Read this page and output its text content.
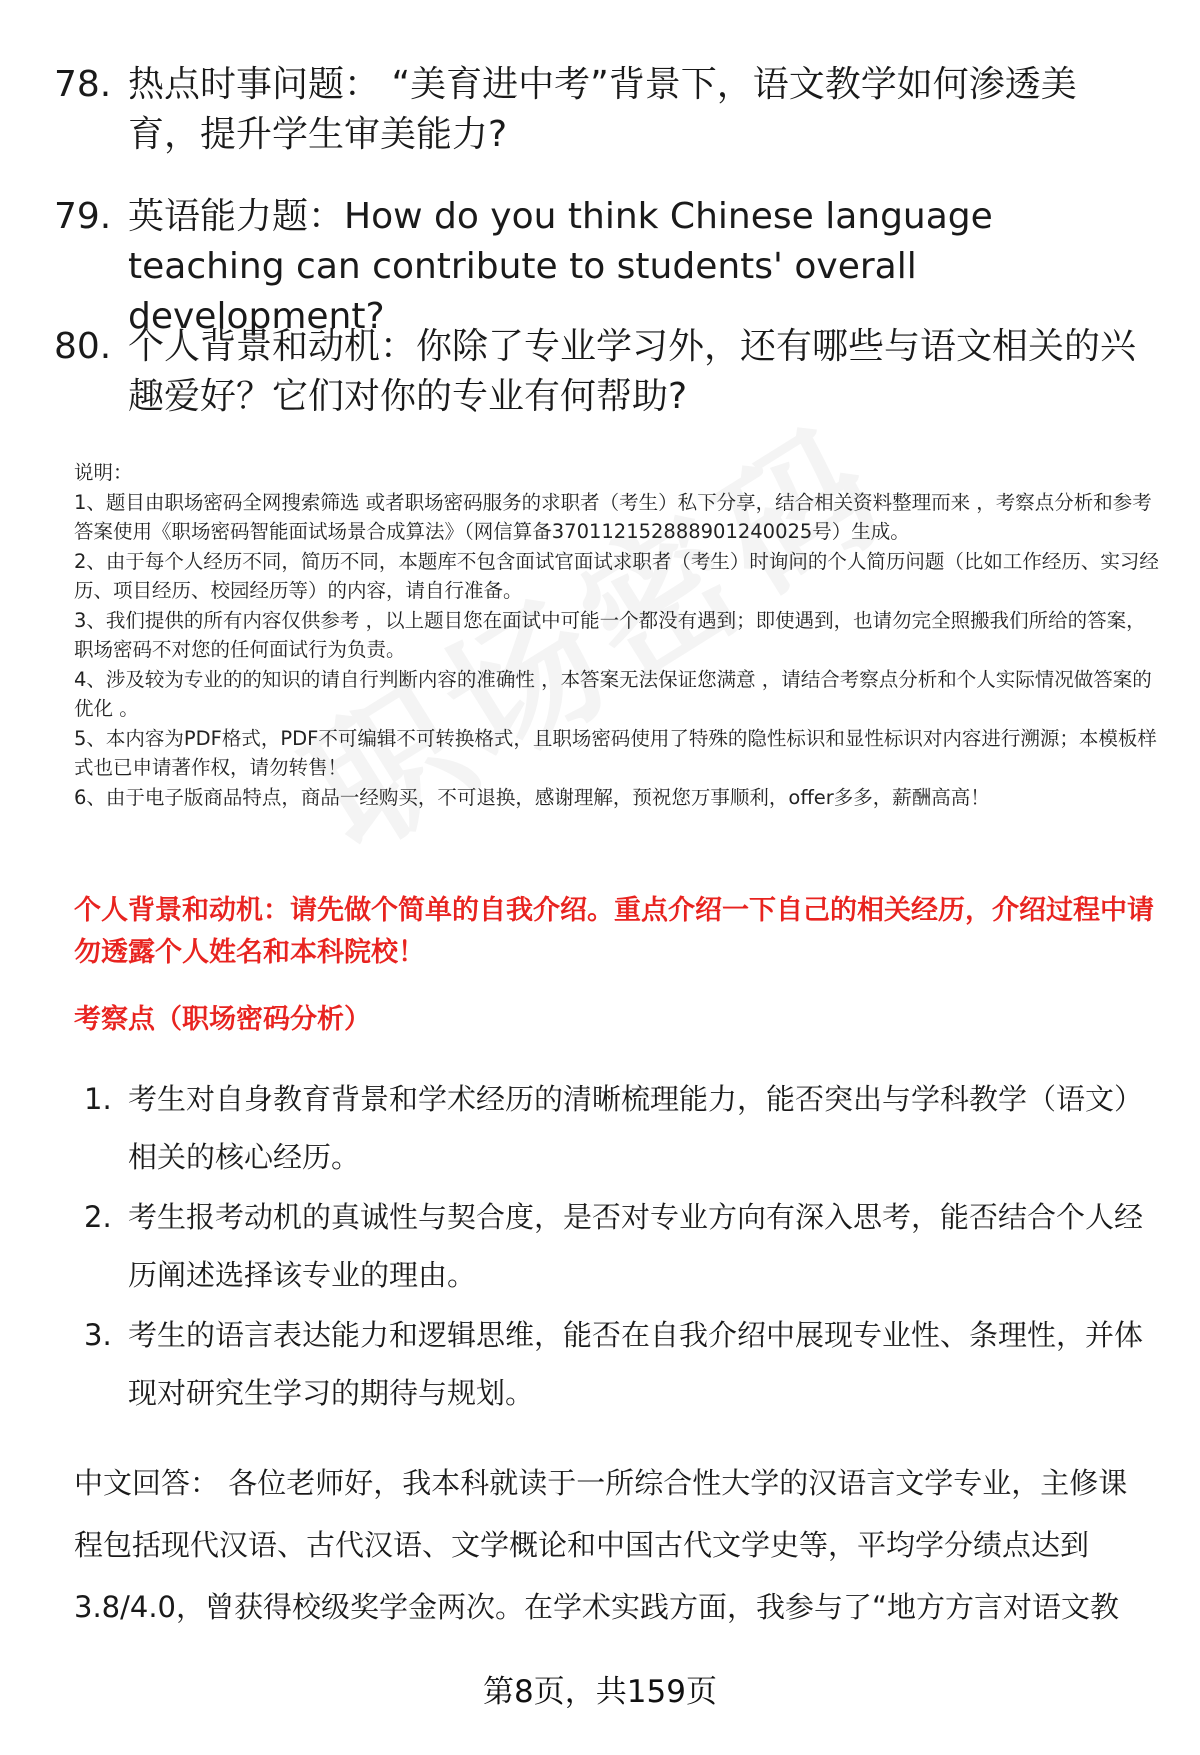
78. 热点时事问题： “美育进中考”背景下，语文教学如何渗透美育，提升学生审美能力?
79. 英语能力题：How do you think Chinese language teaching can contribute to students' overall development?
80. 个人背景和动机：你除了专业学习外，还有哪些与语文相关的兴趣爱好？它们对你的专业有何帮助?

说明：

1、题目由职场密码全网搜索筛选 或者职场密码服务的求职者（考生）私下分享，结合相关资料整理而来 ，考察点分析和参考答案使用《职场密码智能面试场景合成算法》（网信算备370112152888901240025号）生成。

2、由于每个人经历不同，简历不同，本题库不包含面试官面试求职者（考生）时询问的个人简历问题（比如工作经历、实习经历、项目经历、校园经历等）的内容，请自行准备。

3、我们提供的所有内容仅供参考 ，以上题目您在面试中可能一个都没有遇到；即使遇到，也请勿完全照搬我们所给的答案，职场密码不对您的任何面试行为负责。

4、涉及较为专业的的知识的请自行判断内容的准确性 ，本答案无法保证您满意 ，请结合考察点分析和个人实际情况做答案的优化 。

5、本内容为PDF格式，PDF不可编辑不可转换格式，且职场密码使用了特殊的隐性标识和显性标识对内容进行溯源；本模板样式也已申请著作权，请勿转售！

6、由于电子版商品特点，商品一经购买，不可退换，感谢理解，预祝您万事顺利，offer多多，薪酬高高！

个人背景和动机：请先做个简单的自我介绍。重点介绍一下自己的相关经历，介绍过程中请勿透露个人姓名和本科院校！
考察点（职场密码分析）
1. 考生对自身教育背景和学术经历的清晰梳理能力，能否突出与学科教学（语文）相关的核心经历。
2. 考生报考动机的真诚性与契合度，是否对专业方向有深入思考，能否结合个人经历阐述选择该专业的理由。
3. 考生的语言表达能力和逻辑思维，能否在自我介绍中展现专业性、条理性，并体现对研究生学习的期待与规划。

中文回答： 各位老师好，我本科就读于一所综合性大学的汉语言文学专业，主修课程包括现代汉语、古代汉语、文学概论和中国古代文学史等，平均学分绩点达到3.8/4.0，曾获得校级奖学金两次。在学术实践方面，我参与了“地方方言对语文教

第8页，共159页
